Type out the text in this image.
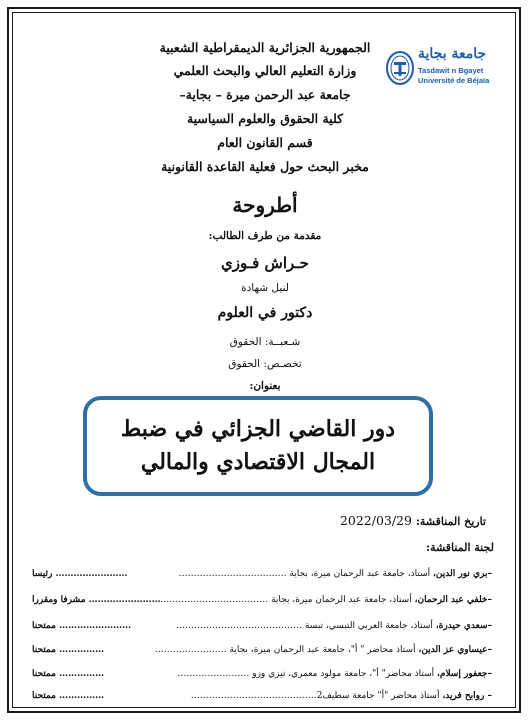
جامعة بجاية
Tasdawit n Bgayet
Université de Béjaïa
الجمهورية الجزائرية الديمقراطية الشعبية
وزارة التعليم العالي والبحث العلمي
جامعة عبد الرحمن ميرة – بجاية–
كلية الحقوق والعلوم السياسية
قسم القانون العام
مخبر البحث حول فعلية القاعدة القانونية
أطروحة
مقدمة من طرف الطالب:
حـراش فـوزي
لنيل شهادة
دكتور في العلوم
شـعبــة: الحقوق
تخصـص: الحقوق
بعنوان:
دور القاضي الجزائي في ضبط
المجال الاقتصادي والمالي
تاريخ المناقشة: 2022/03/29
لجنة المناقشة:
–بري نور الدين، أستاذ، جامعة عبد الرحمان ميرة، بجاية ………………………………
…………………… رئيسا
–خلفي عبد الرحمان، أستاذ، جامعة عبد الرحمان ميرة، بجاية ………………………………
…………………… مشرفا ومقررا
–سعدي حيدرة، أستاذ، جامعة العربي التبسي، تبسة ……………………………………
…………………… ممتحنا
–عيساوي عز الدين، أستاذ محاضر " أ"، جامعة عبد الرحمان ميرة، بجاية ……………………
…………… ممتحنا
–جعفور إسلام، أستاذ محاضر" أ"، جامعة مولود معمري، تيزي وزو ……………………
…………… ممتحنا
– روابح فريد، أستاذ محاضر "أ" جامعة سطيف2……………………………………
…………… ممتحنا
